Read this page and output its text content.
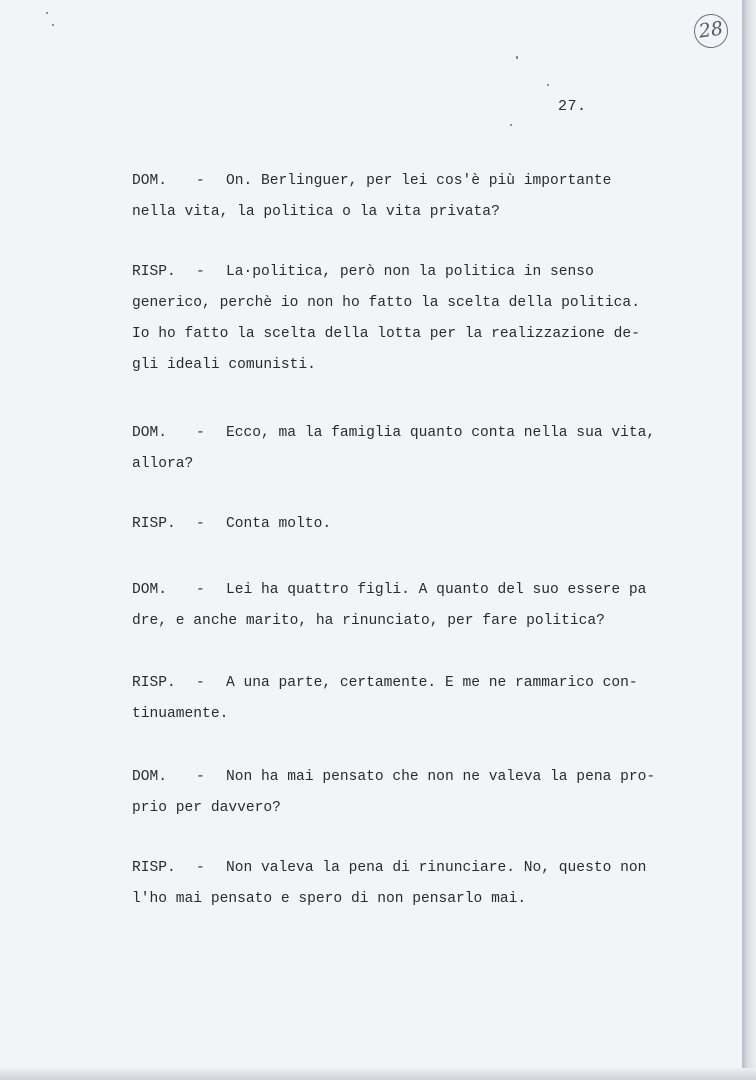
28
27.
DOM. - On. Berlinguer, per lei cos'è più importante
nella vita, la politica o la vita privata?
RISP. - La·politica, però non la politica in senso
generico, perchè io non ho fatto la scelta della politica.
Io ho fatto la scelta della lotta per la realizzazione de-
gli ideali comunisti.
DOM. - Ecco, ma la famiglia quanto conta nella sua vita,
allora?
RISP. - Conta molto.
DOM. - Lei ha quattro figli. A quanto del suo essere pa
dre, e anche marito, ha rinunciato, per fare politica?
RISP. - A una parte, certamente. E me ne rammarico con-
tinuamente.
DOM. - Non ha mai pensato che non ne valeva la pena pro-
prio per davvero?
RISP. - Non valeva la pena di rinunciare. No, questo non
l'ho mai pensato e spero di non pensarlo mai.
